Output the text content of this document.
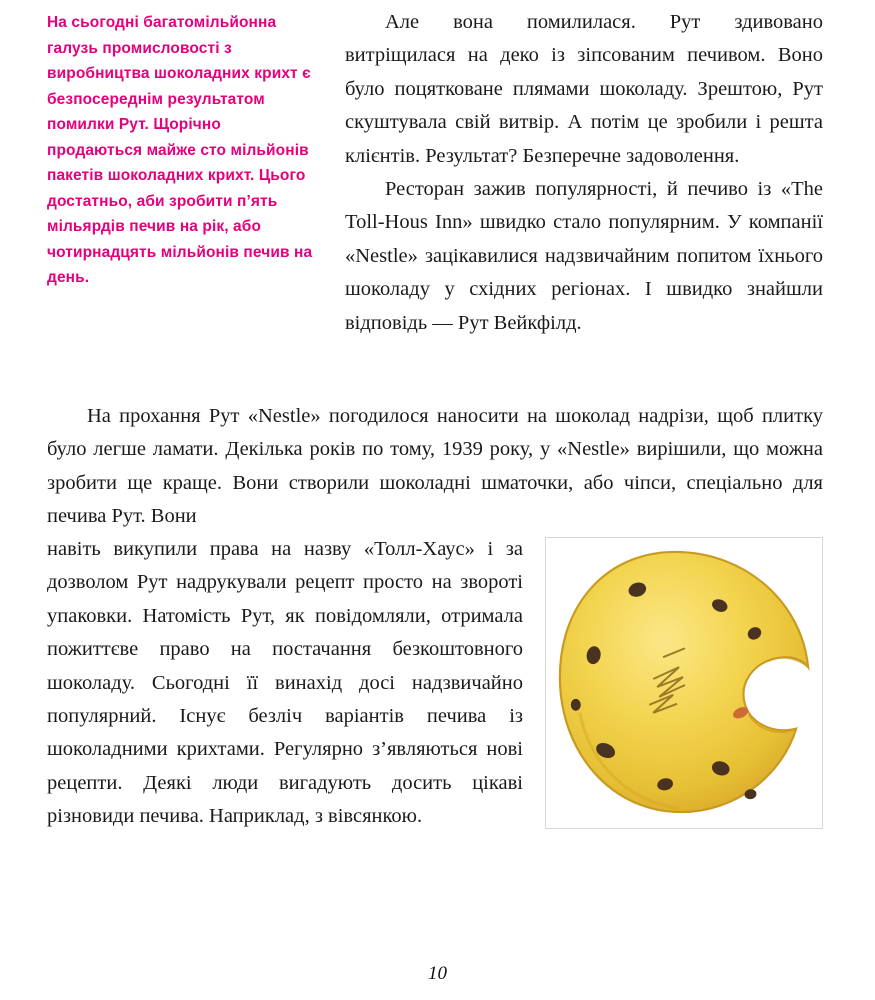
На сьогодні багатомільйонна галузь промисловості з виробництва шоколадних крихт є безпосереднім результатом помилки Рут. Щорічно продаються майже сто мільйонів пакетів шоколадних крихт. Цього достатньо, аби зробити п’ять мільярдів печив на рік, або чотирнадцять мільйонів печив на день.

Але вона помилилася. Рут здивовано витріщилася на деко із зіпсованим печивом. Воно було поцятковане плямами шоколаду. Зрештою, Рут скуштувала свій витвір. А потім це зробили і решта клієнтів. Результат? Безперечне задоволення.

Ресторан зажив популярності, й печиво із «The Toll-Hous Inn» швидко стало популярним. У компанії «Nestle» зацікавилися надзвичайним попитом їхнього шоколаду у східних регіонах. І швидко знайшли відповідь — Рут Вейкфілд.

На прохання Рут «Nestle» погодилося наносити на шоколад надрізи, щоб плитку було легше ламати. Декілька років по тому, 1939 року, у «Nestle» вирішили, що можна зробити ще краще. Вони створили шоколадні шматочки, або чіпси, спеціально для печива Рут. Вони

навіть викупили права на назву «Толл-Хаус» і за дозволом Рут надрукували рецепт просто на звороті упаковки. Натомість Рут, як повідомляли, отримала пожиттєве право на постачання безкоштовного шоколаду. Сьогодні її винахід досі надзвичайно популярний. Існує безліч варіантів печива із шоколадними крихтами. Регулярно з’являються нові рецепти. Деякі люди вигадують досить цікаві різновиди печива. Наприклад, з вівсянкою.

10
